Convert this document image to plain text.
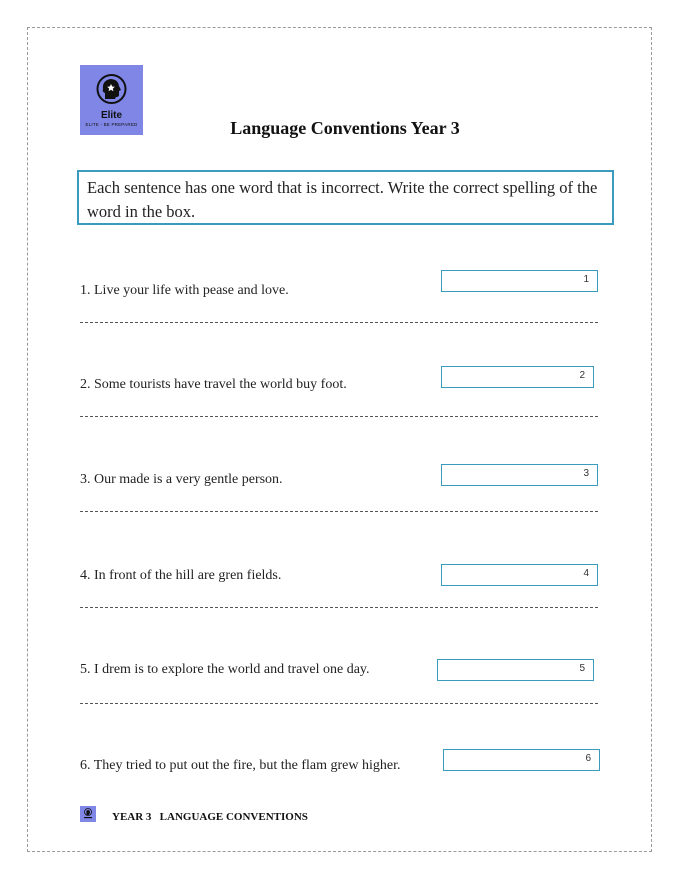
Elite
ELITE - BE PREPARED	Language Conventions Year 3
Each sentence has one word that is incorrect. Write the correct spelling of the word in the box.
1. Live your life with pease and love.
1
2. Some tourists have travel the world buy foot.
2
3. Our made is a very gentle person.	3
4. In front of the hill are gren fields.	4
5. I drem is to explore the world and travel one day.	5
6. They tried to put out the fire, but the flam grew higher.	6
YEAR 3   LANGUAGE CONVENTIONS
